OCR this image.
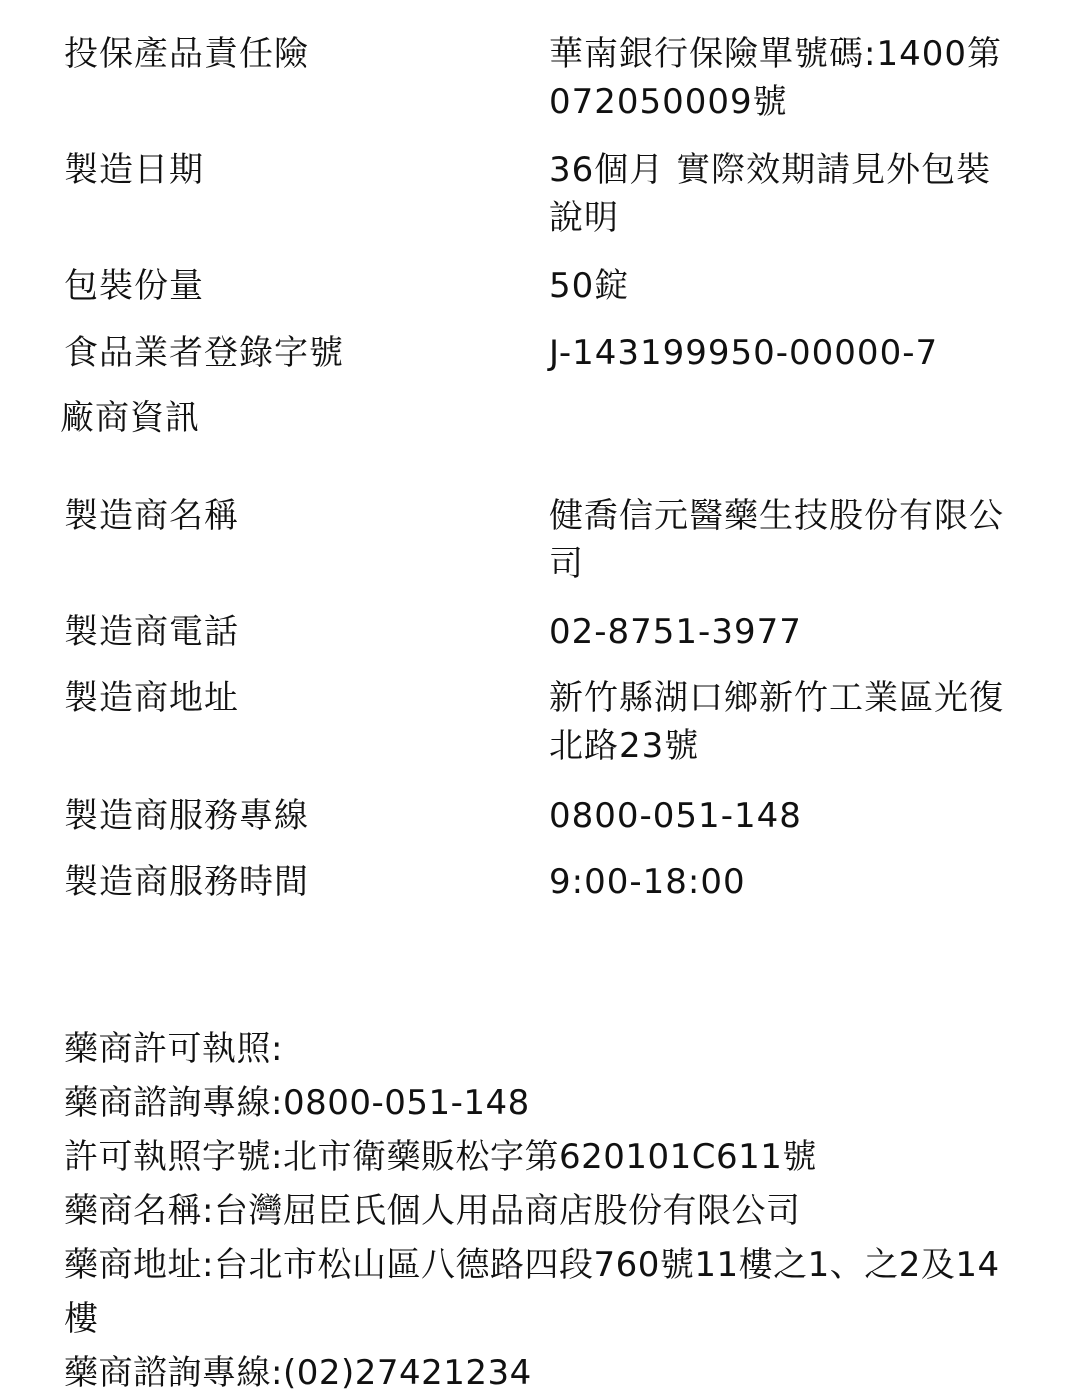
投保產品責任險	華南銀行保險單號碼:1400第072050009號
製造日期	36個月 實際效期請見外包裝說明
包裝份量	50錠
食品業者登錄字號	J-143199950-00000-7
廠商資訊
製造商名稱	健喬信元醫藥生技股份有限公司
製造商電話	02-8751-3977
製造商地址	新竹縣湖口鄉新竹工業區光復北路23號
製造商服務專線	0800-051-148
製造商服務時間	9:00-18:00
藥商許可執照:
藥商諮詢專線:0800-051-148
許可執照字號:北市衛藥販松字第620101C611號
藥商名稱:台灣屈臣氏個人用品商店股份有限公司
藥商地址:台北市松山區八德路四段760號11樓之1、之2及14樓
藥商諮詢專線:(02)27421234
